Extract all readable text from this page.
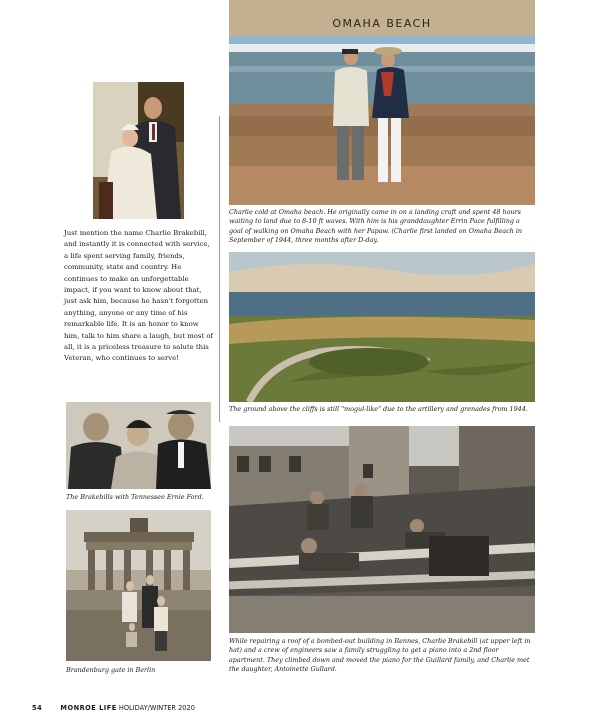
OMAHA BEACH
Just mention the name Charlie Brakebill, and instantly it is connected with service, a life spent serving family, friends, community, state and country. He continues to make an unforgettable impact, if you want to know about that, just ask him, because he hasn't forgotten anything, anyone or any time of his remarkable life. It is an honor to know him, talk to him share a laugh, but most of all, it is a priceless treasure to salute this Veteran, who continues to serve!
Charlie cold at Omaha beach. He originally came in on a landing craft and spent 48 hours waiting to land due to 8-10 ft waves. With him is his granddaughter Errin Pace fulfilling a goal of walking on Omaha Beach with her Papaw. (Charlie first landed on Omaha Beach in September of 1944, three months after D-day.
The ground above the cliffs is still "mogul-like" due to the artillery and grenades from 1944.
The Brakebills with Tennessee Ernie Ford.
Brandenburg gate in Berlin
While repairing a roof of a bombed-out building in Rennes, Charlie Brakebill (at upper left in hat) and a crew of engineers saw a family struggling to get a piano into a 2nd floor apartment. They climbed down and moved the piano for the Guillard family, and Charlie met the daughter, Antoinette Gullard.
54	MONROE LIFE HOLIDAY/WINTER 2020
